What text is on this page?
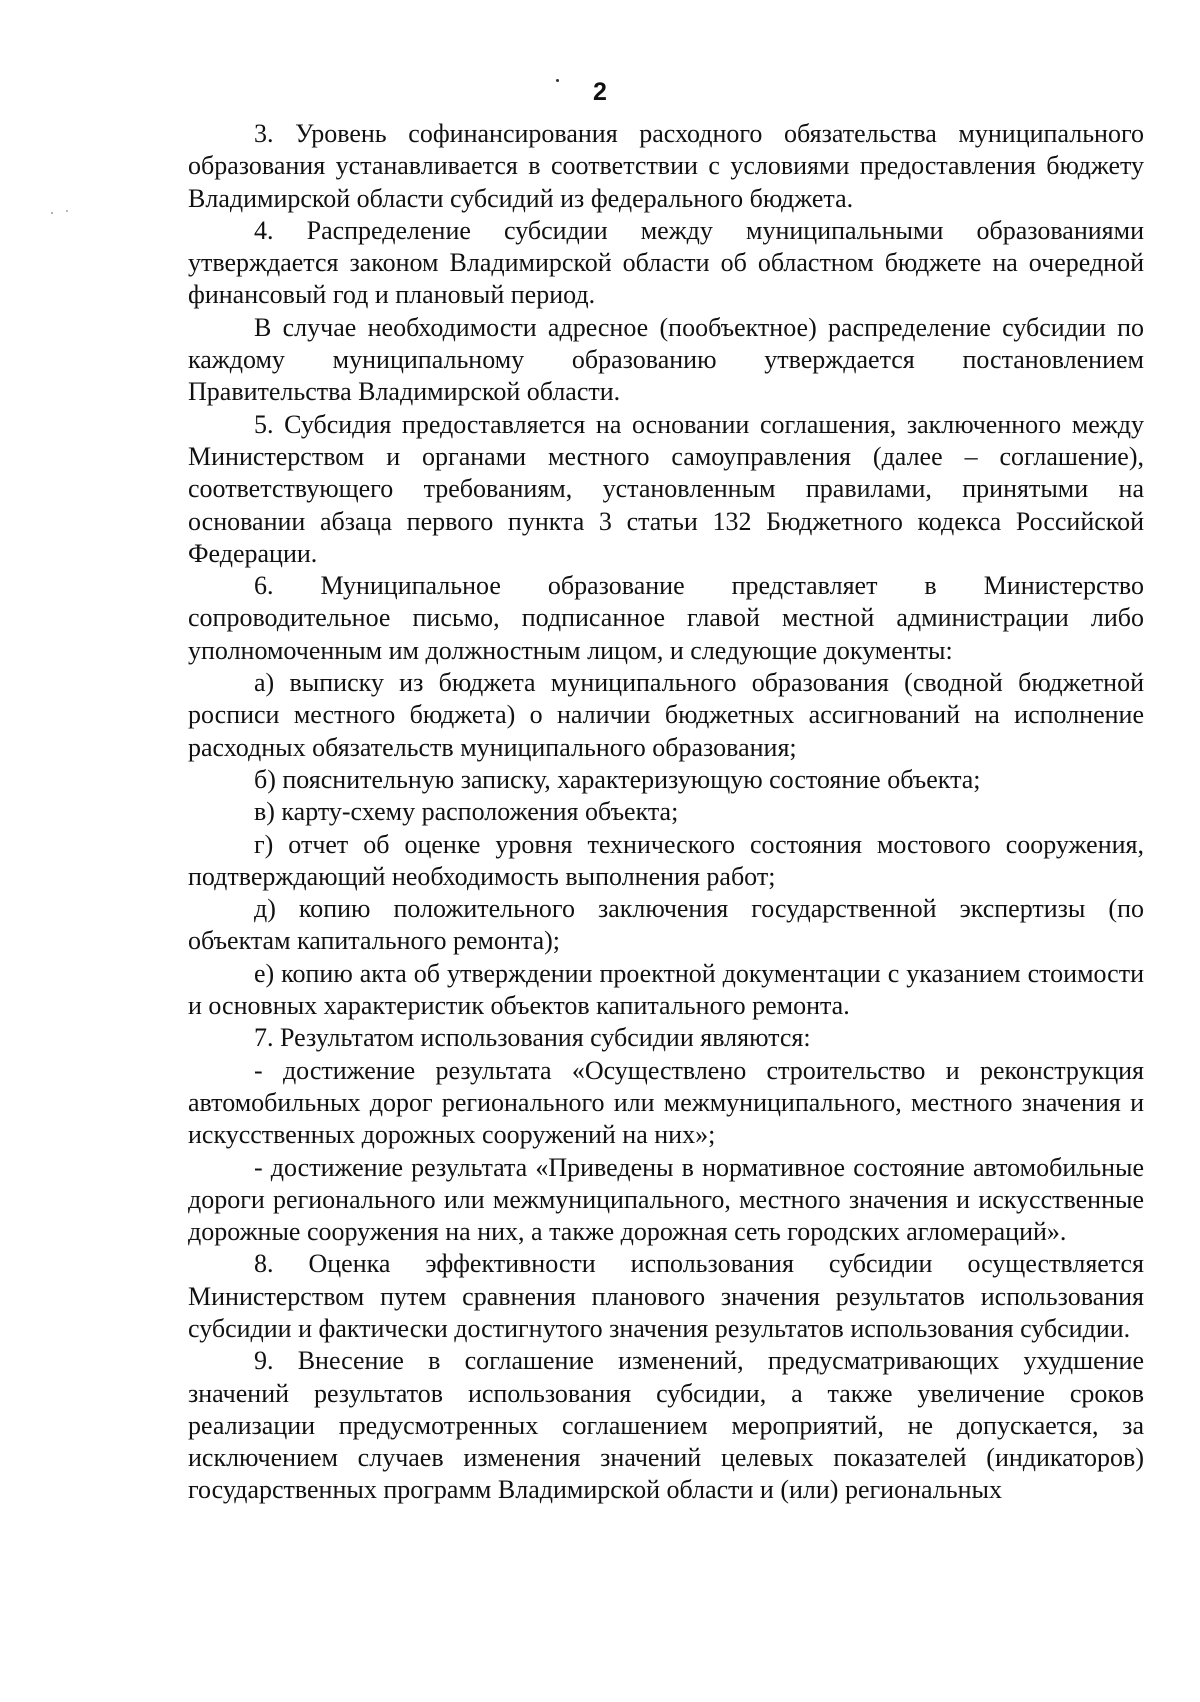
2

3. Уровень софинансирования расходного обязательства муниципального образования устанавливается в соответствии с условиями предоставления бюджету Владимирской области субсидий из федерального бюджета.

4. Распределение субсидии между муниципальными образованиями утверждается законом Владимирской области об областном бюджете на очередной финансовый год и плановый период.

В случае необходимости адресное (пообъектное) распределение субсидии по каждому муниципальному образованию утверждается постановлением Правительства Владимирской области.

5. Субсидия предоставляется на основании соглашения, заключенного между Министерством и органами местного самоуправления (далее – соглашение), соответствующего требованиям, установленным правилами, принятыми на основании абзаца первого пункта 3 статьи 132 Бюджетного кодекса Российской Федерации.

6. Муниципальное образование представляет в Министерство сопроводительное письмо, подписанное главой местной администрации либо уполномоченным им должностным лицом, и следующие документы:

а) выписку из бюджета муниципального образования (сводной бюджетной росписи местного бюджета) о наличии бюджетных ассигнований на исполнение расходных обязательств муниципального образования;

б) пояснительную записку, характеризующую состояние объекта;

в) карту-схему расположения объекта;

г) отчет об оценке уровня технического состояния мостового сооружения, подтверждающий необходимость выполнения работ;

д) копию положительного заключения государственной экспертизы (по объектам капитального ремонта);

е) копию акта об утверждении проектной документации с указанием стоимости и основных характеристик объектов капитального ремонта.

7. Результатом использования субсидии являются:

- достижение результата «Осуществлено строительство и реконструкция автомобильных дорог регионального или межмуниципального, местного значения и искусственных дорожных сооружений на них»;

- достижение результата «Приведены в нормативное состояние автомобильные дороги регионального или межмуниципального, местного значения и искусственные дорожные сооружения на них, а также дорожная сеть городских агломераций».

8. Оценка эффективности использования субсидии осуществляется Министерством путем сравнения планового значения результатов использования субсидии и фактически достигнутого значения результатов использования субсидии.

9. Внесение в соглашение изменений, предусматривающих ухудшение значений результатов использования субсидии, а также увеличение сроков реализации предусмотренных соглашением мероприятий, не допускается, за исключением случаев изменения значений целевых показателей (индикаторов) государственных программ Владимирской области и (или) региональных
